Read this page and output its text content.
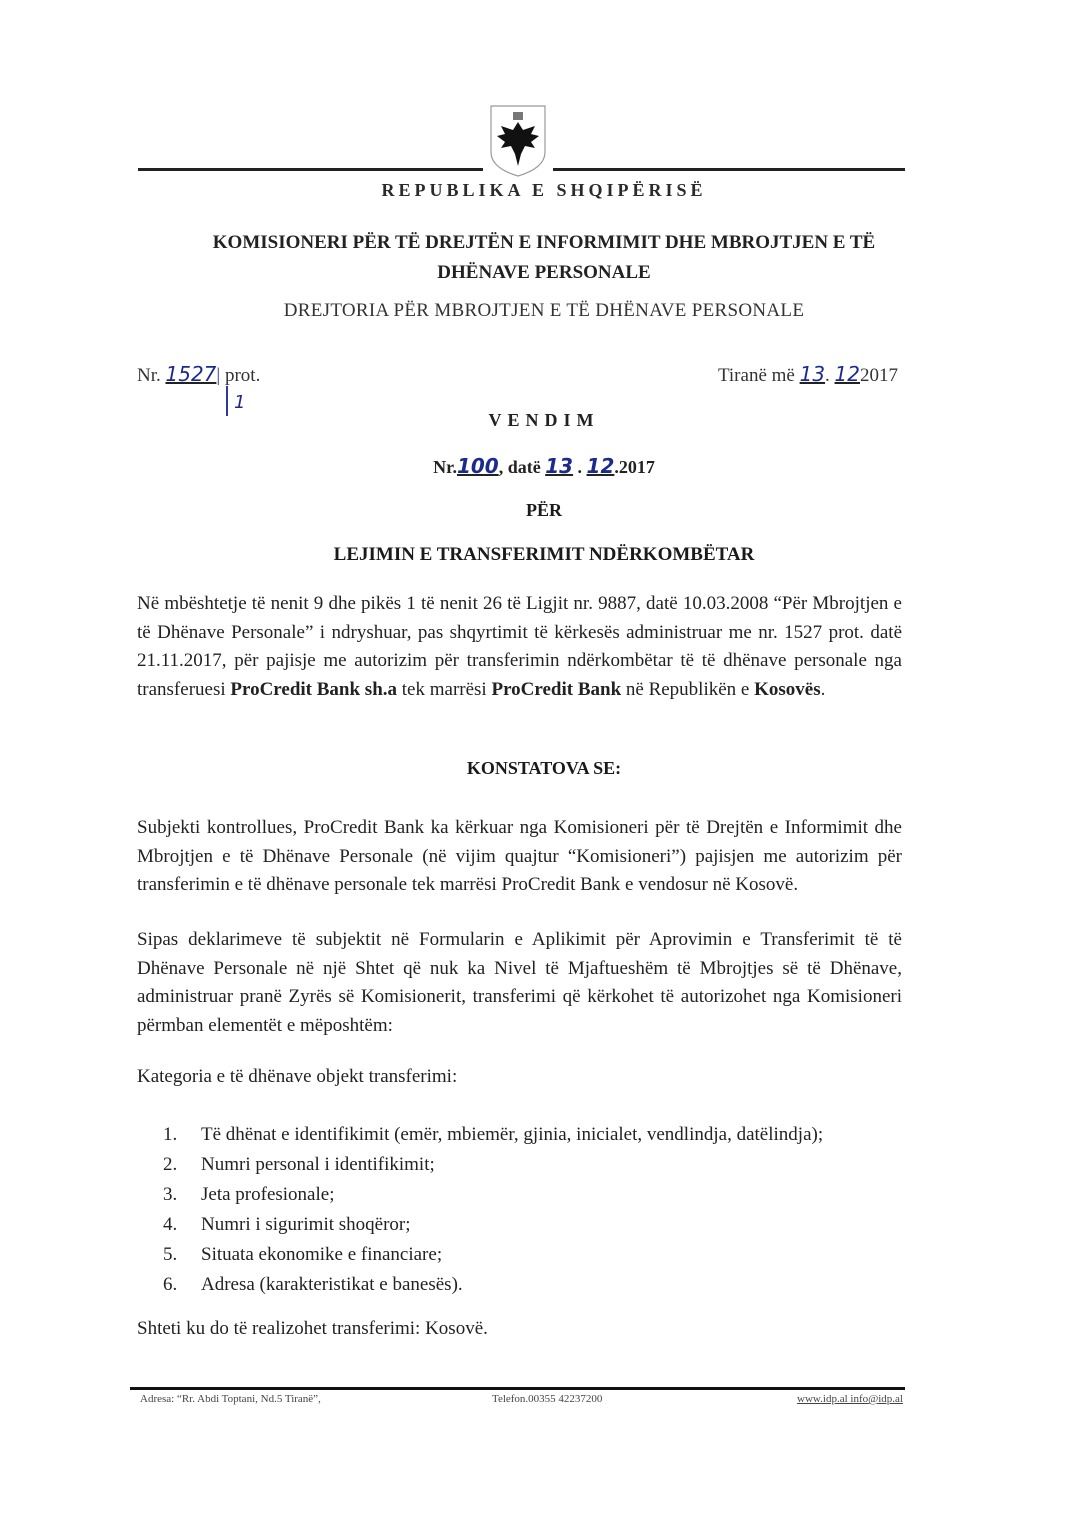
REPUBLIKA E SHQIPËRISË
KOMISIONERI PËR TË DREJTËN E INFORMIMIT DHE MBROJTJEN E TË
DHËNAVE PERSONALE
DREJTORIA PËR MBROJTJEN E TË DHËNAVE PERSONALE
Nr. 1527| prot.
1
Tiranë më 13. 122017
VENDIM
Nr.100, datë 13 . 12.2017
PËR
LEJIMIN E TRANSFERIMIT NDËRKOMBËTAR
Në mbështetje të nenit 9 dhe pikës 1 të nenit 26 të Ligjit nr. 9887, datë 10.03.2008 “Për Mbrojtjen e të Dhënave Personale” i ndryshuar, pas shqyrtimit të kërkesës administruar me nr. 1527 prot. datë 21.11.2017, për pajisje me autorizim për transferimin ndërkombëtar të të dhënave personale nga transferuesi ProCredit Bank sh.a tek marrësi ProCredit Bank në Republikën e Kosovës.
KONSTATOVA SE:
Subjekti kontrollues, ProCredit Bank ka kërkuar nga Komisioneri për të Drejtën e Informimit dhe Mbrojtjen e të Dhënave Personale (në vijim quajtur “Komisioneri”) pajisjen me autorizim për transferimin e të dhënave personale tek marrësi ProCredit Bank e vendosur në Kosovë.
Sipas deklarimeve të subjektit në Formularin e Aplikimit për Aprovimin e Transferimit të të Dhënave Personale në një Shtet që nuk ka Nivel të Mjaftueshëm të Mbrojtjes së të Dhënave, administruar pranë Zyrës së Komisionerit, transferimi që kërkohet të autorizohet nga Komisioneri përmban elementët e mëposhtëm:
Kategoria e të dhënave objekt transferimi:
1.	Të dhënat e identifikimit (emër, mbiemër, gjinia, inicialet, vendlindja, datëlindja);
2.	Numri personal i identifikimit;
3.	Jeta profesionale;
4.	Numri i sigurimit shoqëror;
5.	Situata ekonomike e financiare;
6.	Adresa (karakteristikat e banesës).
Shteti ku do të realizohet transferimi: Kosovë.
Adresa: “Rr. Abdi Toptani, Nd.5 Tiranë”,	Telefon.00355 42237200	www.idp.al info@idp.al
